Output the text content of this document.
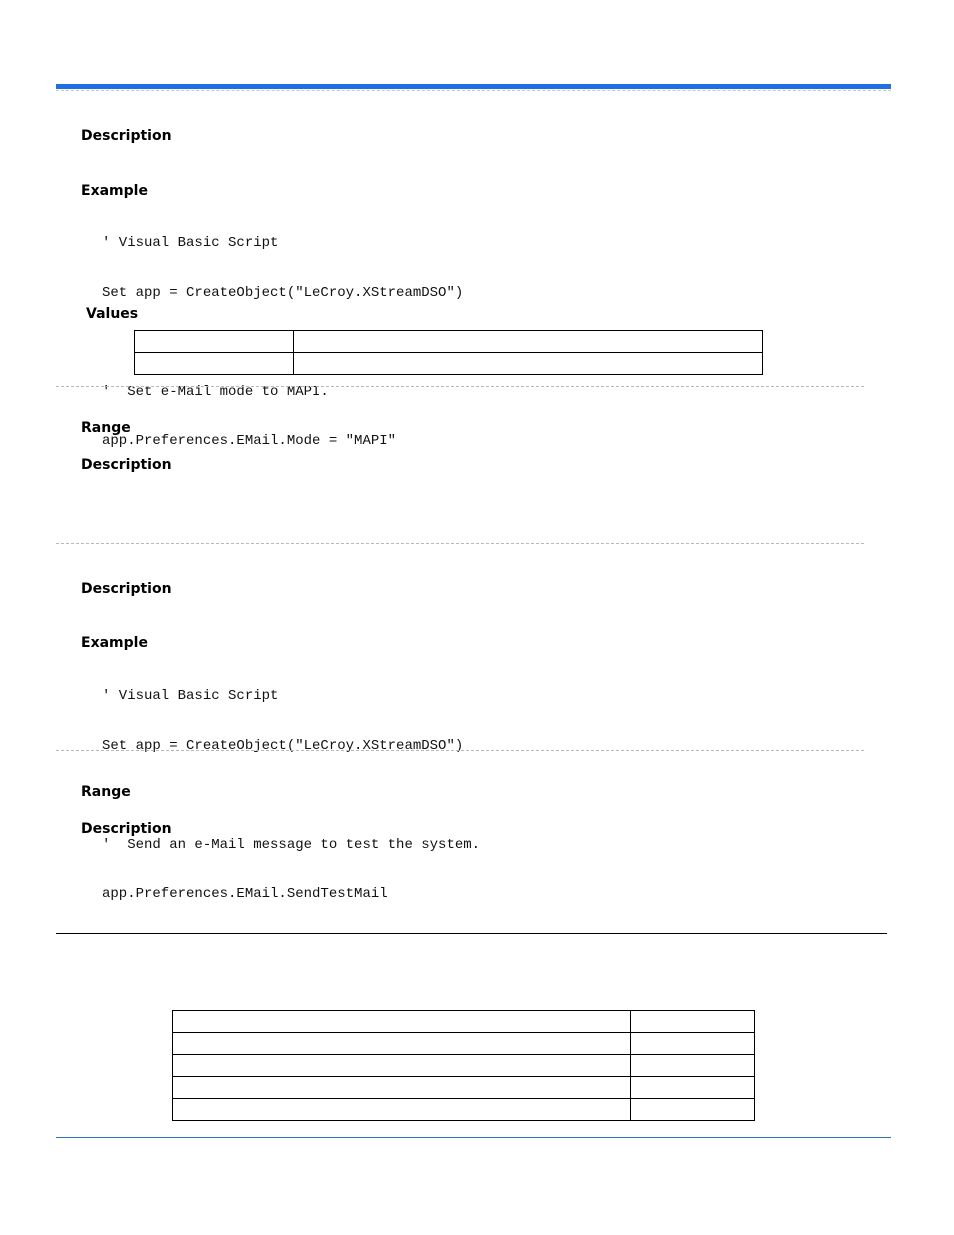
Description
Example

' Visual Basic Script

Set app = CreateObject("LeCroy.XStreamDSO")

'  Set e-Mail mode to MAPI.

app.Preferences.EMail.Mode = "MAPI"

Values

Range
Description
Description
Example

' Visual Basic Script

Set app = CreateObject("LeCroy.XStreamDSO")

'  Send an e-Mail message to test the system.

app.Preferences.EMail.SendTestMail

Range
Description
